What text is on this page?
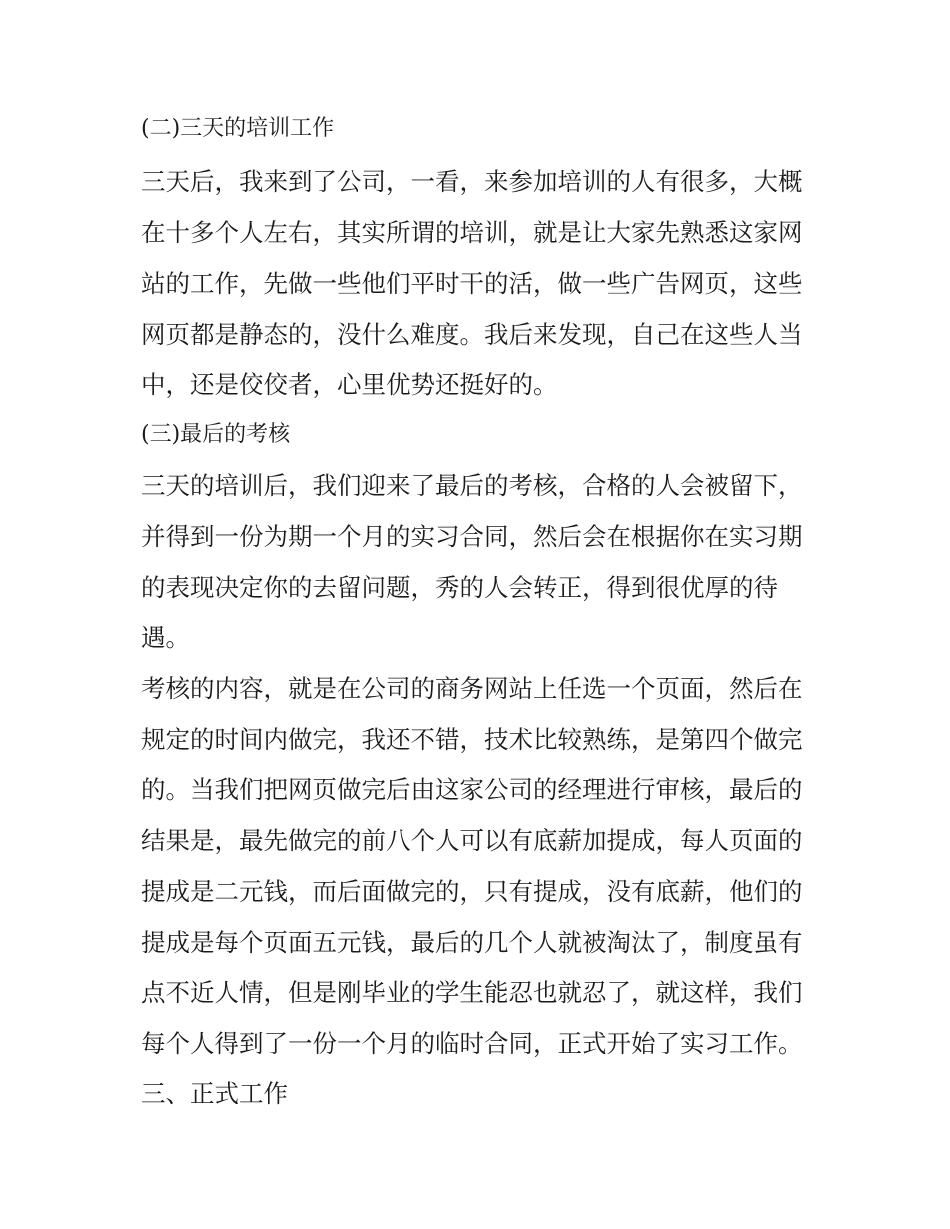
(二)三天的培训工作
三天后，我来到了公司，一看，来参加培训的人有很多，大概
在十多个人左右，其实所谓的培训，就是让大家先熟悉这家网
站的工作，先做一些他们平时干的活，做一些广告网页，这些
网页都是静态的，没什么难度。我后来发现，自己在这些人当
中，还是佼佼者，心里优势还挺好的。
(三)最后的考核
三天的培训后，我们迎来了最后的考核，合格的人会被留下，
并得到一份为期一个月的实习合同，然后会在根据你在实习期
的表现决定你的去留问题，秀的人会转正，得到很优厚的待
遇。
考核的内容，就是在公司的商务网站上任选一个页面，然后在
规定的时间内做完，我还不错，技术比较熟练，是第四个做完
的。当我们把网页做完后由这家公司的经理进行审核，最后的
结果是，最先做完的前八个人可以有底薪加提成，每人页面的
提成是二元钱，而后面做完的，只有提成，没有底薪，他们的
提成是每个页面五元钱，最后的几个人就被淘汰了，制度虽有
点不近人情，但是刚毕业的学生能忍也就忍了，就这样，我们
每个人得到了一份一个月的临时合同，正式开始了实习工作。
三、正式工作
